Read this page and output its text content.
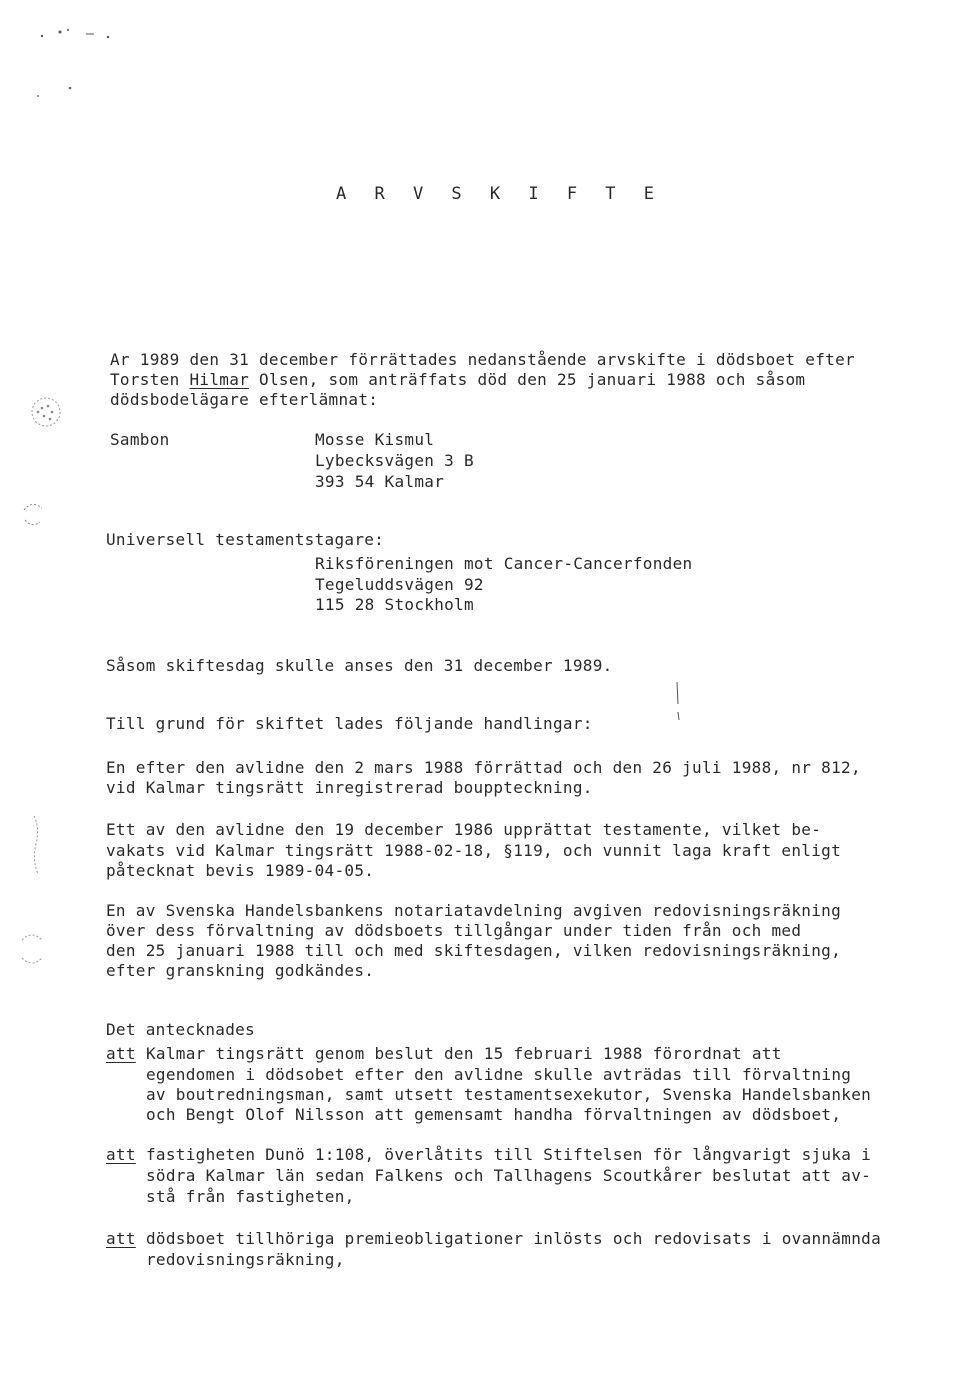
A R V S K I F T E
Ar 1989 den 31 december förrättades nedanstående arvskifte i dödsboet efter
Torsten Hilmar Olsen, som anträffats död den 25 januari 1988 och såsom
dödsbodelägare efterlämnat:
Sambon	Mosse Kismul
Lybecksvägen 3 B
393 54 Kalmar
Universell testamentstagare:
Riksföreningen mot Cancer-Cancerfonden
Tegeluddsvägen 92
115 28 Stockholm
Såsom skiftesdag skulle anses den 31 december 1989.
Till grund för skiftet lades följande handlingar:
En efter den avlidne den 2 mars 1988 förrättad och den 26 juli 1988, nr 812,
vid Kalmar tingsrätt inregistrerad bouppteckning.
Ett av den avlidne den 19 december 1986 upprättat testamente, vilket be-
vakats vid Kalmar tingsrätt 1988-02-18, §119, och vunnit laga kraft enligt
påtecknat bevis 1989-04-05.
En av Svenska Handelsbankens notariatavdelning avgiven redovisningsräkning
över dess förvaltning av dödsboets tillgångar under tiden från och med
den 25 januari 1988 till och med skiftesdagen, vilken redovisningsräkning,
efter granskning godkändes.
Det antecknades
att Kalmar tingsrätt genom beslut den 15 februari 1988 förordnat att
egendomen i dödsobet efter den avlidne skulle avträdas till förvaltning
av boutredningsman, samt utsett testamentsexekutor, Svenska Handelsbanken
och Bengt Olof Nilsson att gemensamt handha förvaltningen av dödsboet,
att fastigheten Dunö 1:108, överlåtits till Stiftelsen för långvarigt sjuka i
södra Kalmar län sedan Falkens och Tallhagens Scoutkårer beslutat att av-
stå från fastigheten,
att dödsboet tillhöriga premieobligationer inlösts och redovisats i ovannämnda
redovisningsräkning,
